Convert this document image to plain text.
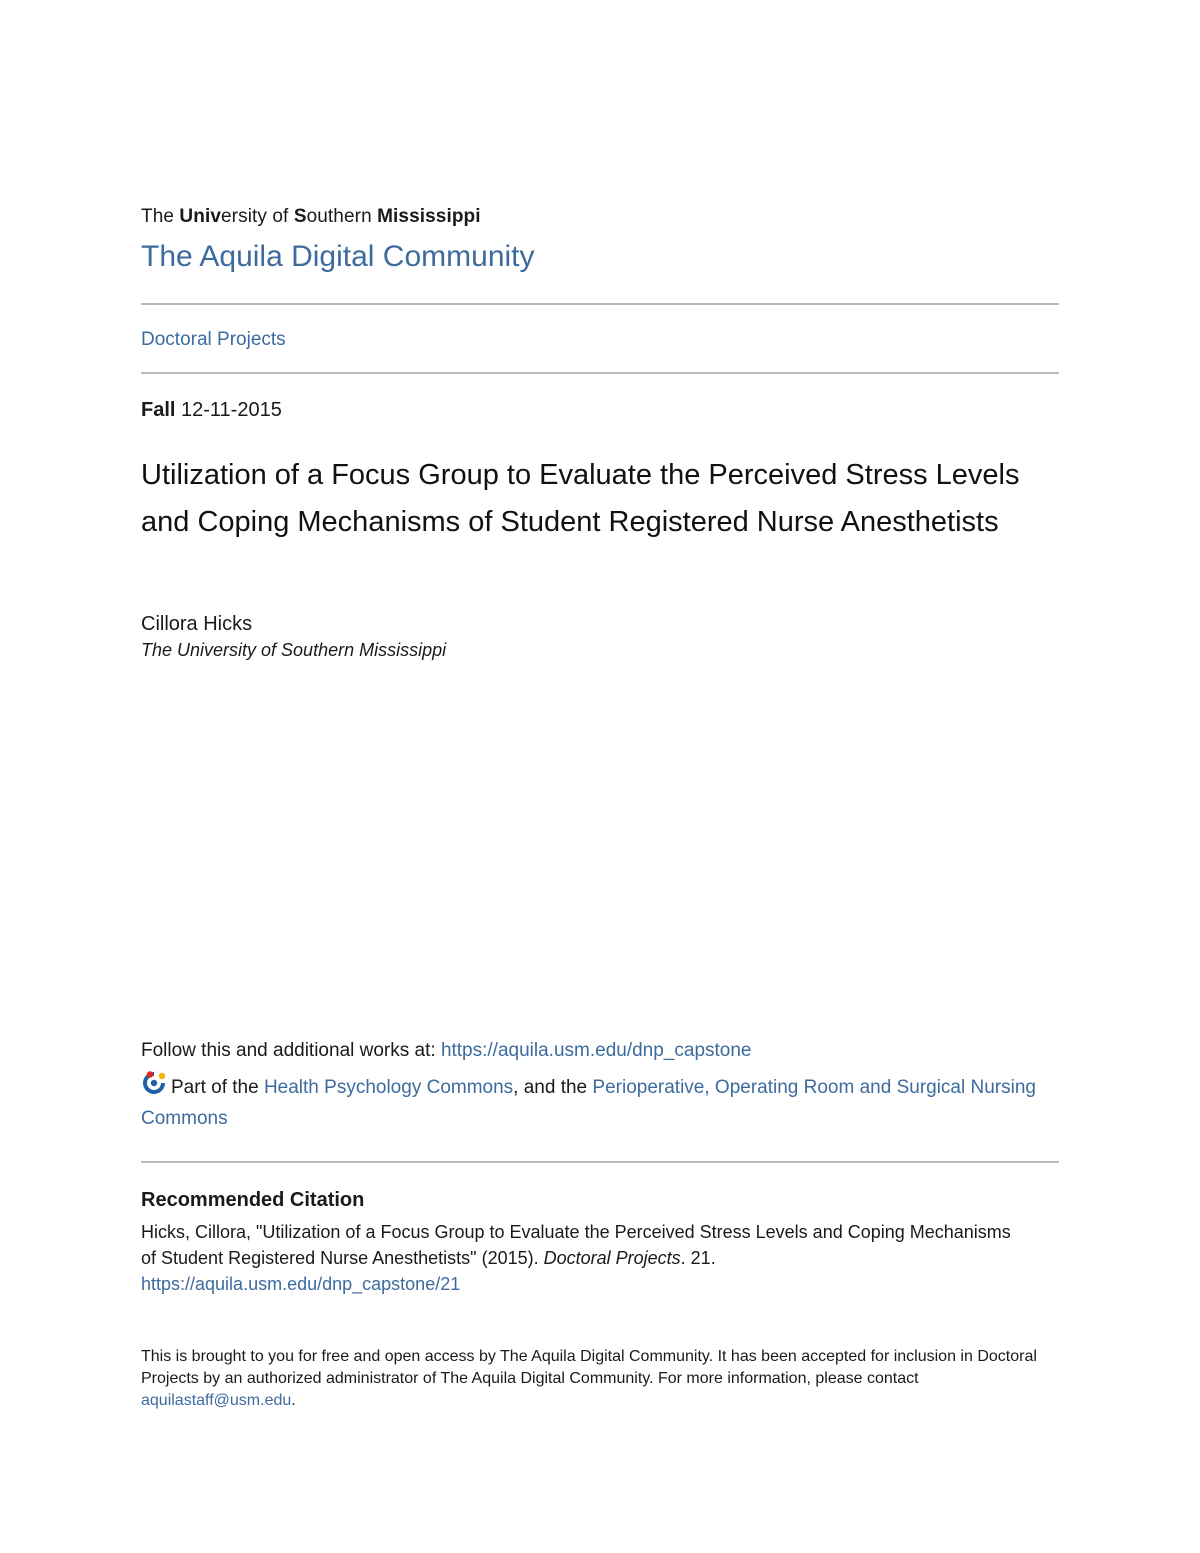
The University of Southern Mississippi
The Aquila Digital Community
Doctoral Projects
Fall 12-11-2015
Utilization of a Focus Group to Evaluate the Perceived Stress Levels and Coping Mechanisms of Student Registered Nurse Anesthetists
Cillora Hicks
The University of Southern Mississippi
Follow this and additional works at: https://aquila.usm.edu/dnp_capstone
Part of the Health Psychology Commons, and the Perioperative, Operating Room and Surgical Nursing Commons
Recommended Citation
Hicks, Cillora, "Utilization of a Focus Group to Evaluate the Perceived Stress Levels and Coping Mechanisms of Student Registered Nurse Anesthetists" (2015). Doctoral Projects. 21.
https://aquila.usm.edu/dnp_capstone/21
This is brought to you for free and open access by The Aquila Digital Community. It has been accepted for inclusion in Doctoral Projects by an authorized administrator of The Aquila Digital Community. For more information, please contact aquilastaff@usm.edu.
